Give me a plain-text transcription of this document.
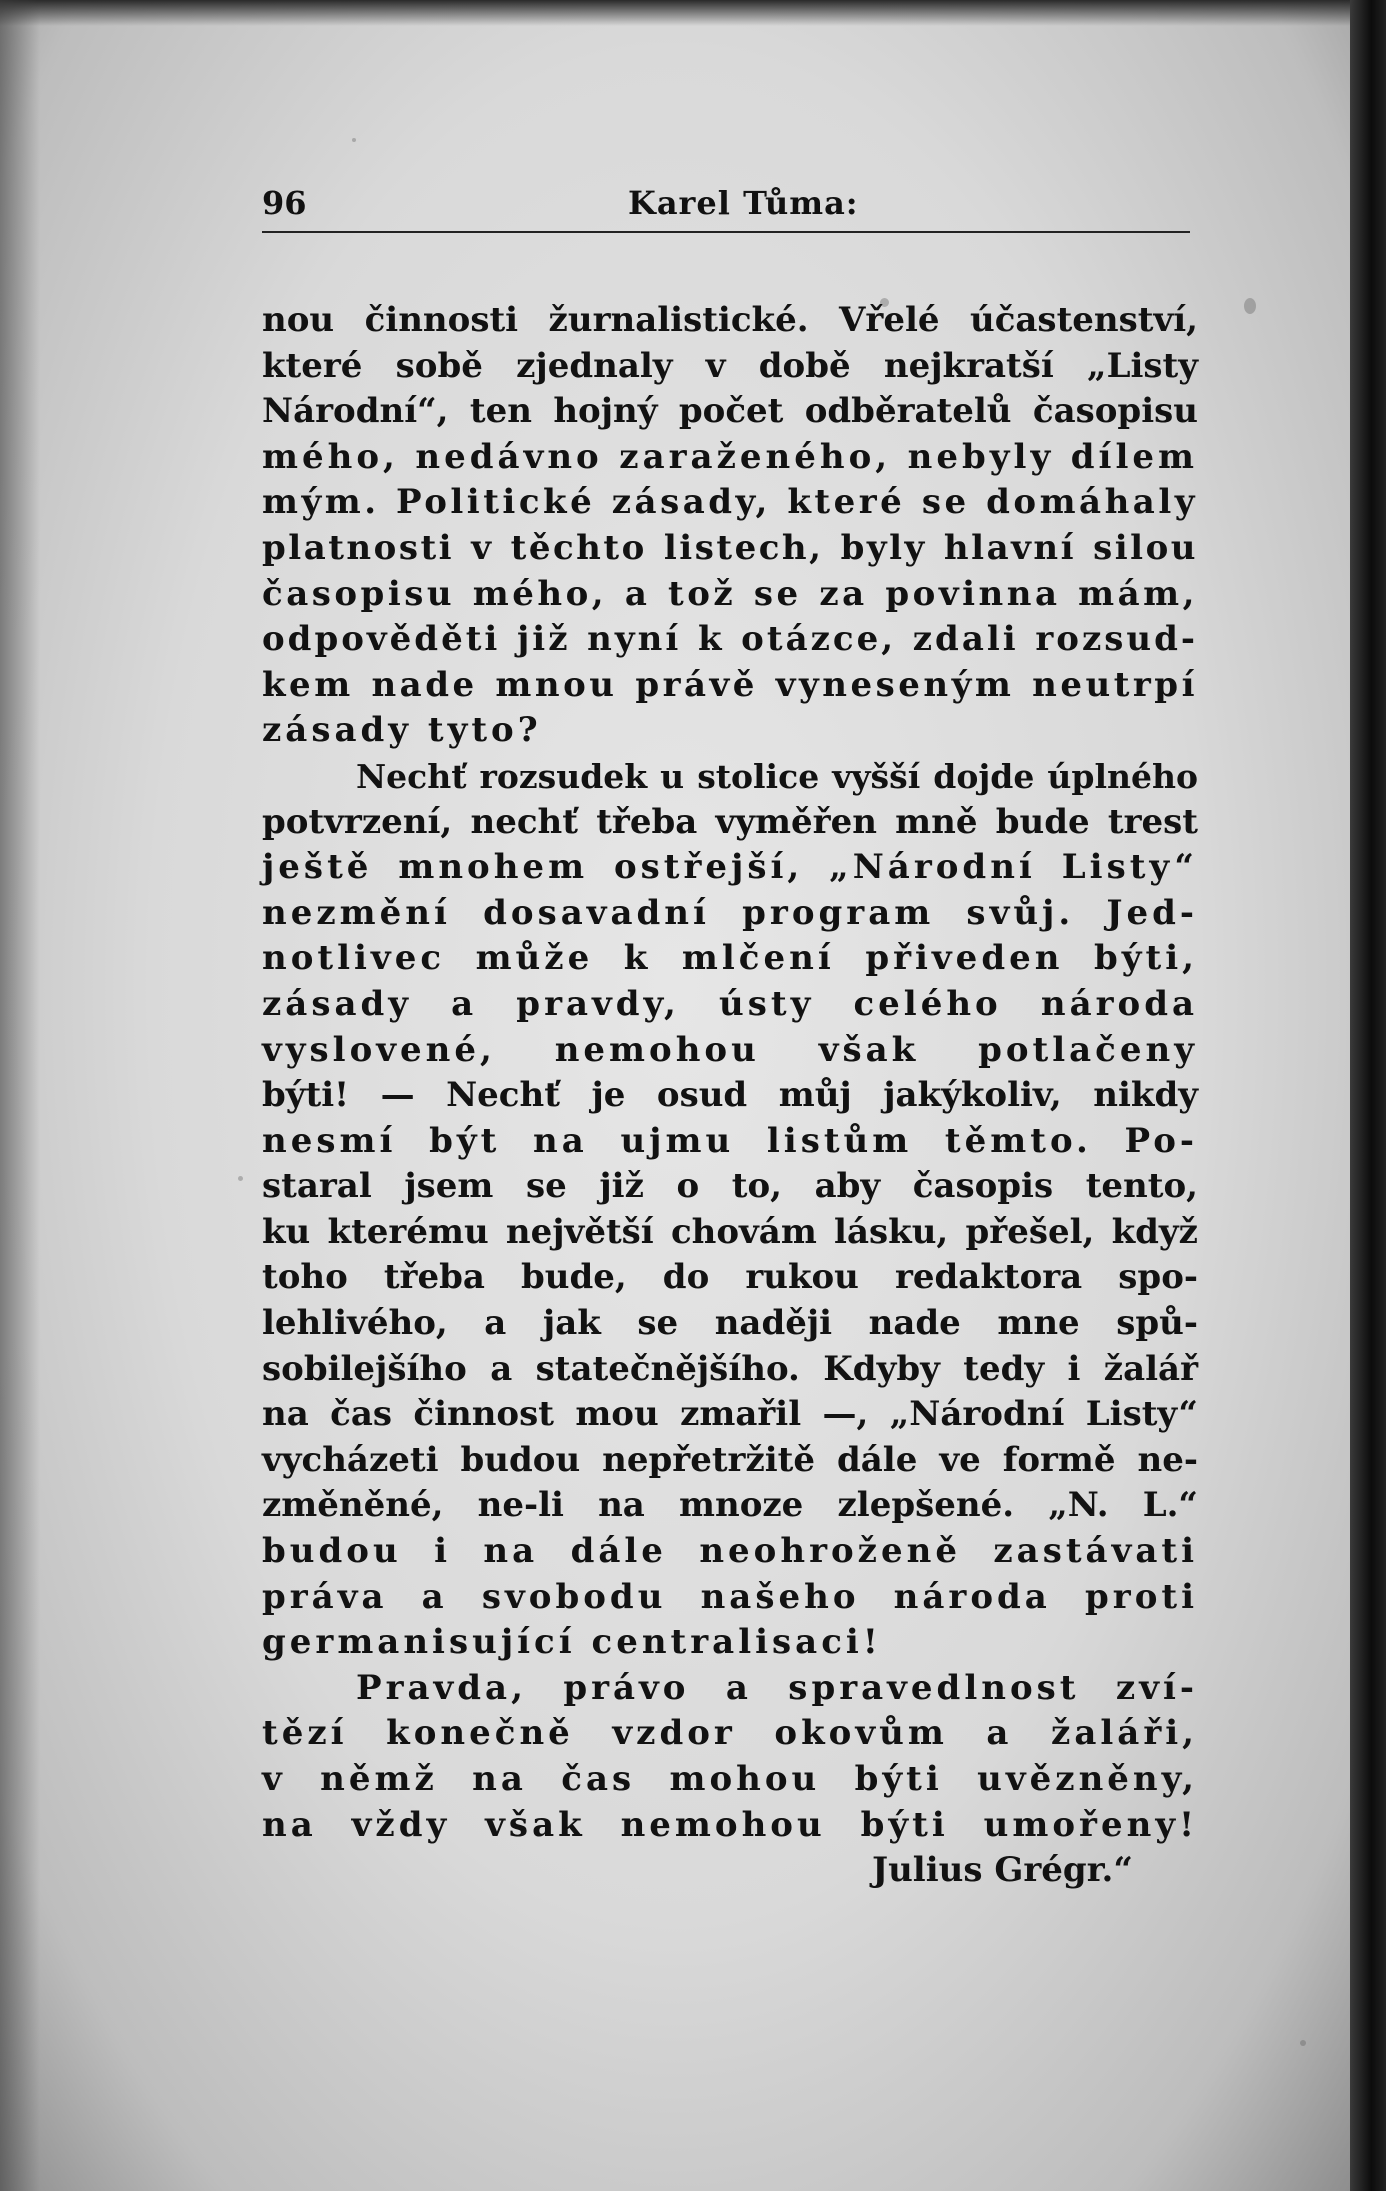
96	Karel Tůma:
nou činnosti žurnalistické. Vřelé účastenství,
které sobě zjednaly v době nejkratší „Listy
Národní“, ten hojný počet odběratelů časopisu
mého, nedávno zaraženého, nebyly dílem
mým. Politické zásady, které se domáhaly
platnosti v těchto listech, byly hlavní silou
časopisu mého, a tož se za povinna mám,
odpověděti již nyní k otázce, zdali rozsud-
kem nade mnou právě vyneseným neutrpí
zásady tyto?
Nechť rozsudek u stolice vyšší dojde úplného
potvrzení, nechť třeba vyměřen mně bude trest
ještě mnohem ostřejší, „Národní Listy“
nezmění dosavadní program svůj. Jed-
notlivec může k mlčení přiveden býti,
zásady a pravdy, ústy celého národa
vyslovené, nemohou však potlačeny
býti! — Nechť je osud můj jakýkoliv, nikdy
nesmí být na ujmu listům těmto. Po-
staral jsem se již o to, aby časopis tento,
ku kterému největší chovám lásku, přešel, když
toho třeba bude, do rukou redaktora spo-
lehlivého, a jak se naději nade mne spů-
sobilejšího a statečnějšího. Kdyby tedy i žalář
na čas činnost mou zmařil —, „Národní Listy“
vycházeti budou nepřetržitě dále ve formě ne-
změněné, ne-li na mnoze zlepšené. „N. L.“
budou i na dále neohroženě zastávati
práva a svobodu našeho národa proti
germanisující centralisaci!
Pravda, právo a spravedlnost zví-
tězí konečně vzdor okovům a žaláři,
v němž na čas mohou býti uvězněny,
na vždy však nemohou býti umořeny!
Julius Grégr.“
